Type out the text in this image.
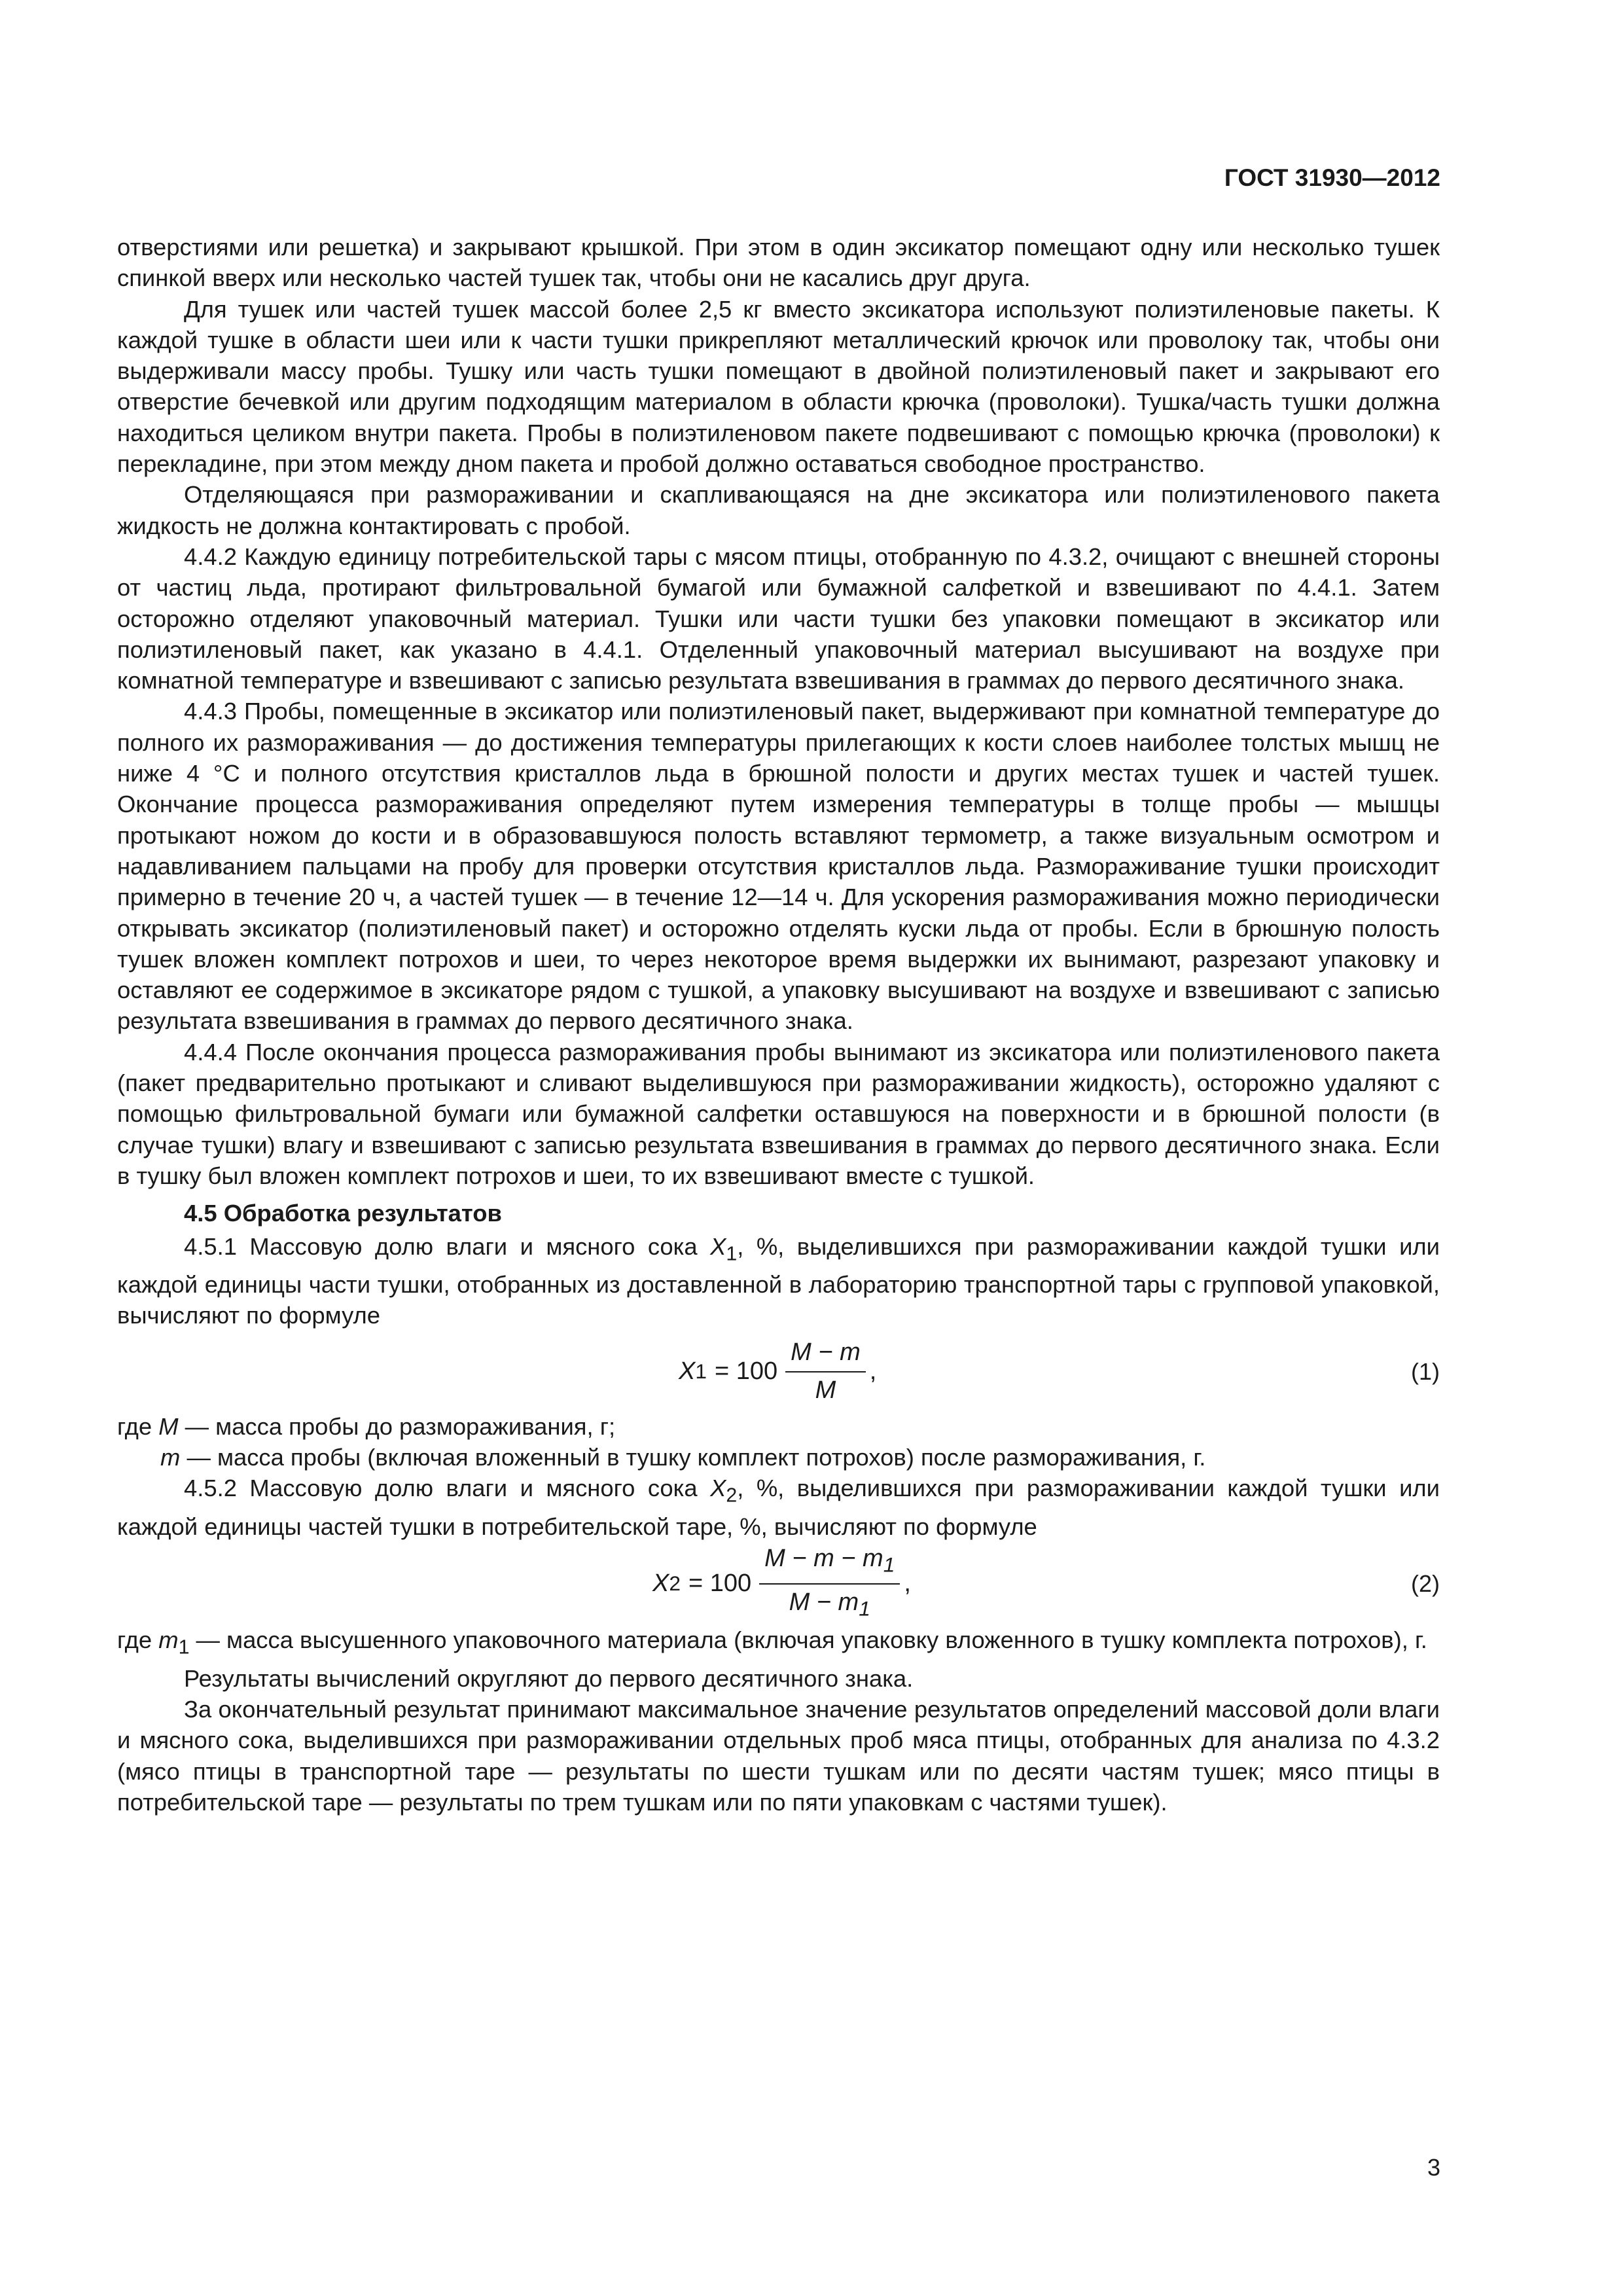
ГОСТ 31930—2012

отверстиями или решетка) и закрывают крышкой. При этом в один эксикатор помещают одну или несколько тушек спинкой вверх или несколько частей тушек так, чтобы они не касались друг друга.

Для тушек или частей тушек массой более 2,5 кг вместо эксикатора используют полиэтиленовые пакеты. К каждой тушке в области шеи или к части тушки прикрепляют металлический крючок или проволоку так, чтобы они выдерживали массу пробы. Тушку или часть тушки помещают в двойной полиэтиленовый пакет и закрывают его отверстие бечевкой или другим подходящим материалом в области крючка (проволоки). Тушка/часть тушки должна находиться целиком внутри пакета. Пробы в полиэтиленовом пакете подвешивают с помощью крючка (проволоки) к перекладине, при этом между дном пакета и пробой должно оставаться свободное пространство.

Отделяющаяся при размораживании и скапливающаяся на дне эксикатора или полиэтиленового пакета жидкость не должна контактировать с пробой.

4.4.2 Каждую единицу потребительской тары с мясом птицы, отобранную по 4.3.2, очищают с внешней стороны от частиц льда, протирают фильтровальной бумагой или бумажной салфеткой и взвешивают по 4.4.1. Затем осторожно отделяют упаковочный материал. Тушки или части тушки без упаковки помещают в эксикатор или полиэтиленовый пакет, как указано в 4.4.1. Отделенный упаковочный материал высушивают на воздухе при комнатной температуре и взвешивают с записью результата взвешивания в граммах до первого десятичного знака.

4.4.3 Пробы, помещенные в эксикатор или полиэтиленовый пакет, выдерживают при комнатной температуре до полного их размораживания — до достижения температуры прилегающих к кости слоев наиболее толстых мышц не ниже 4 °С и полного отсутствия кристаллов льда в брюшной полости и других местах тушек и частей тушек. Окончание процесса размораживания определяют путем измерения температуры в толще пробы — мышцы протыкают ножом до кости и в образовавшуюся полость вставляют термометр, а также визуальным осмотром и надавливанием пальцами на пробу для проверки отсутствия кристаллов льда. Размораживание тушки происходит примерно в течение 20 ч, а частей тушек — в течение 12—14 ч. Для ускорения размораживания можно периодически открывать эксикатор (полиэтиленовый пакет) и осторожно отделять куски льда от пробы. Если в брюшную полость тушек вложен комплект потрохов и шеи, то через некоторое время выдержки их вынимают, разрезают упаковку и оставляют ее содержимое в эксикаторе рядом с тушкой, а упаковку высушивают на воздухе и взвешивают с записью результата взвешивания в граммах до первого десятичного знака.

4.4.4 После окончания процесса размораживания пробы вынимают из эксикатора или полиэтиленового пакета (пакет предварительно протыкают и сливают выделившуюся при размораживании жидкость), осторожно удаляют с помощью фильтровальной бумаги или бумажной салфетки оставшуюся на поверхности и в брюшной полости (в случае тушки) влагу и взвешивают с записью результата взвешивания в граммах до первого десятичного знака. Если в тушку был вложен комплект потрохов и шеи, то их взвешивают вместе с тушкой.

4.5 Обработка результатов

4.5.1 Массовую долю влаги и мясного сока $X_1$, %, выделившихся при размораживании каждой тушки или каждой единицы части тушки, отобранных из доставленной в лабораторию транспортной тары с групповой упаковкой, вычисляют по формуле

X $1 = 100 \frac{M - m}{M}$ ,	(1)

где M — масса пробы до размораживания, г;

m — масса пробы (включая вложенный в тушку комплект потрохов) после размораживания, г.

4.5.2 Массовую долю влаги и мясного сока $X_2$, %, выделившихся при размораживании каждой тушки или каждой единицы частей тушки в потребительской таре, %, вычисляют по формуле

X $2 = 100 \frac{M - m - m_1}{M - m_1}$ ,	(2)

где $m_1$ — масса высушенного упаковочного материала (включая упаковку вложенного в тушку комплекта потрохов), г.

Результаты вычислений округляют до первого десятичного знака.

За окончательный результат принимают максимальное значение результатов определений массовой доли влаги и мясного сока, выделившихся при размораживании отдельных проб мяса птицы, отобранных для анализа по 4.3.2 (мясо птицы в транспортной таре — результаты по шести тушкам или по десяти частям тушек; мясо птицы в потребительской таре — результаты по трем тушкам или по пяти упаковкам с частями тушек).

3
